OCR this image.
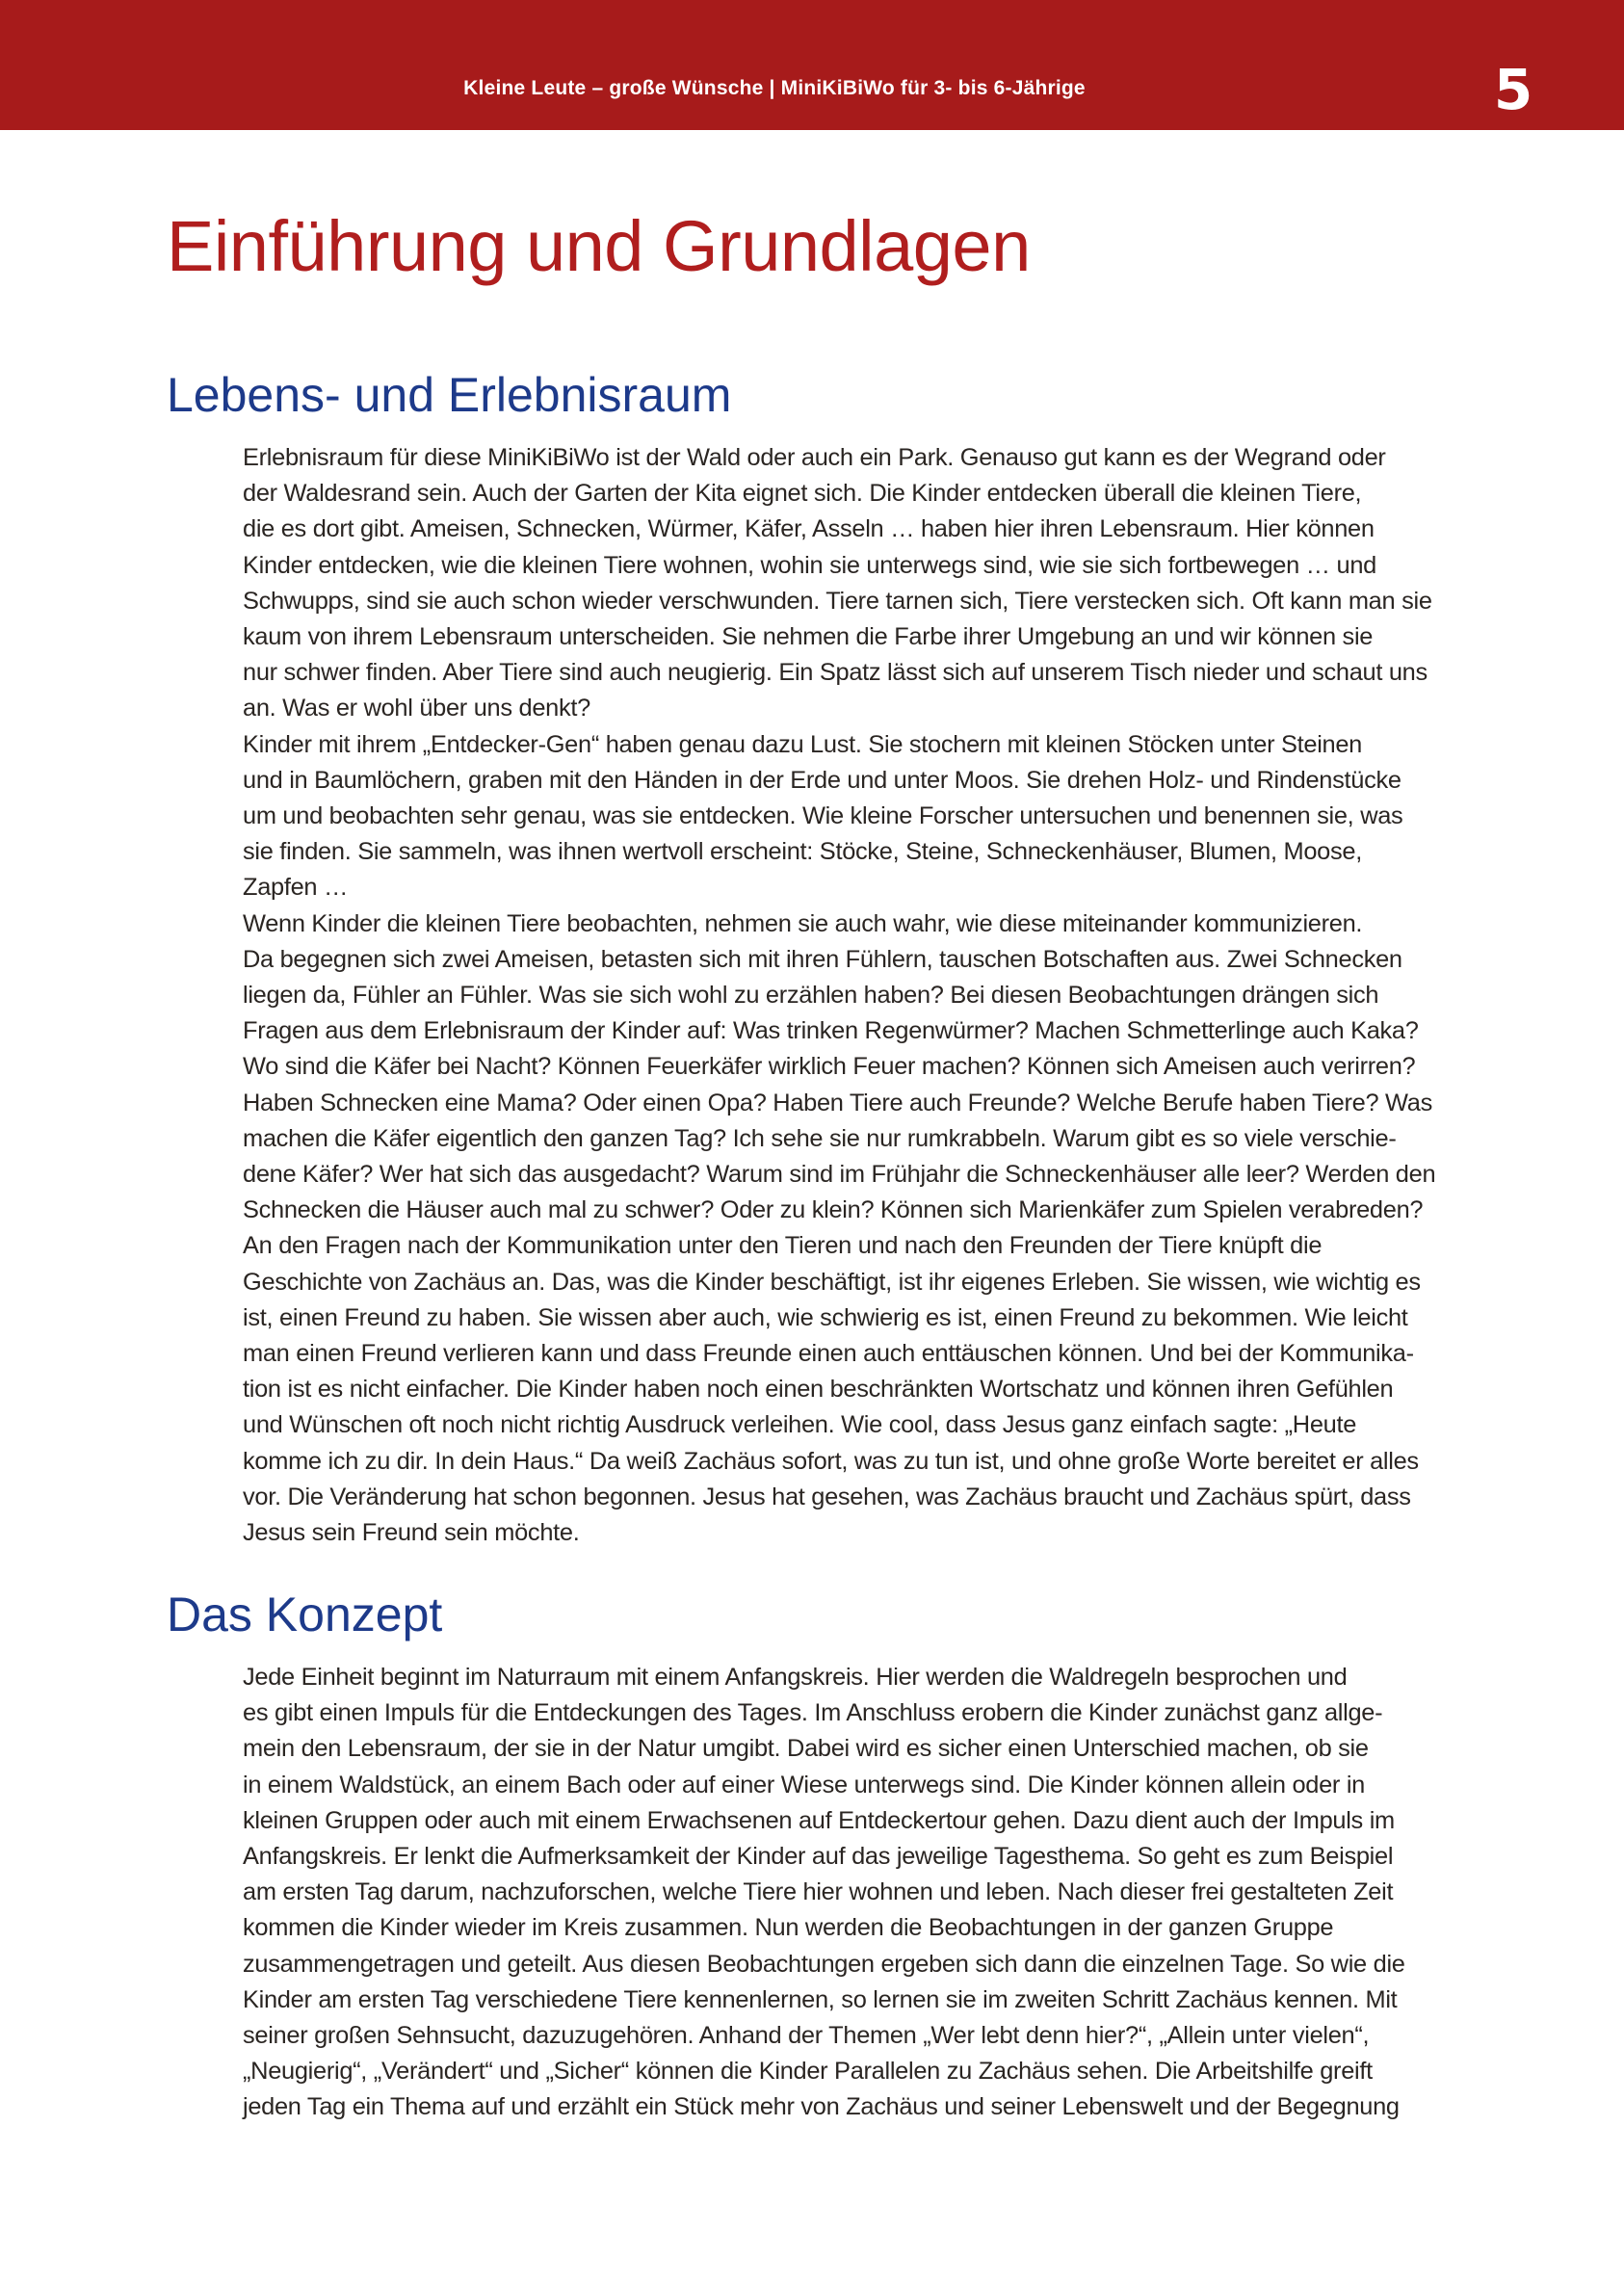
Kleine Leute – große Wünsche | MiniKiBiWo für 3- bis 6-Jährige	5
Einführung und Grundlagen
Lebens- und Erlebnisraum
Erlebnisraum für diese MiniKiBiWo ist der Wald oder auch ein Park. Genauso gut kann es der Wegrand oder
der Waldesrand sein. Auch der Garten der Kita eignet sich. Die Kinder entdecken überall die kleinen Tiere,
die es dort gibt. Ameisen, Schnecken, Würmer, Käfer, Asseln … haben hier ihren Lebensraum. Hier können
Kinder entdecken, wie die kleinen Tiere wohnen, wohin sie unterwegs sind, wie sie sich fortbewegen … und
Schwupps, sind sie auch schon wieder verschwunden. Tiere tarnen sich, Tiere verstecken sich. Oft kann man sie
kaum von ihrem Lebensraum unterscheiden. Sie nehmen die Farbe ihrer Umgebung an und wir können sie
nur schwer finden. Aber Tiere sind auch neugierig. Ein Spatz lässt sich auf unserem Tisch nieder und schaut uns
an. Was er wohl über uns denkt?
Kinder mit ihrem „Entdecker-Gen“ haben genau dazu Lust. Sie stochern mit kleinen Stöcken unter Steinen
und in Baumlöchern, graben mit den Händen in der Erde und unter Moos. Sie drehen Holz- und Rindenstücke
um und beobachten sehr genau, was sie entdecken. Wie kleine Forscher untersuchen und benennen sie, was
sie finden. Sie sammeln, was ihnen wertvoll erscheint: Stöcke, Steine, Schneckenhäuser, Blumen, Moose,
Zapfen …
Wenn Kinder die kleinen Tiere beobachten, nehmen sie auch wahr, wie diese miteinander kommunizieren.
Da begegnen sich zwei Ameisen, betasten sich mit ihren Fühlern, tauschen Botschaften aus. Zwei Schnecken
liegen da, Fühler an Fühler. Was sie sich wohl zu erzählen haben? Bei diesen Beobachtungen drängen sich
Fragen aus dem Erlebnisraum der Kinder auf: Was trinken Regenwürmer? Machen Schmetterlinge auch Kaka?
Wo sind die Käfer bei Nacht? Können Feuerkäfer wirklich Feuer machen? Können sich Ameisen auch verirren?
Haben Schnecken eine Mama? Oder einen Opa? Haben Tiere auch Freunde? Welche Berufe haben Tiere? Was
machen die Käfer eigentlich den ganzen Tag? Ich sehe sie nur rumkrabbeln. Warum gibt es so viele verschie-
dene Käfer? Wer hat sich das ausgedacht? Warum sind im Frühjahr die Schneckenhäuser alle leer? Werden den
Schnecken die Häuser auch mal zu schwer? Oder zu klein? Können sich Marienkäfer zum Spielen verabreden?
An den Fragen nach der Kommunikation unter den Tieren und nach den Freunden der Tiere knüpft die
Geschichte von Zachäus an. Das, was die Kinder beschäftigt, ist ihr eigenes Erleben. Sie wissen, wie wichtig es
ist, einen Freund zu haben. Sie wissen aber auch, wie schwierig es ist, einen Freund zu bekommen. Wie leicht
man einen Freund verlieren kann und dass Freunde einen auch enttäuschen können. Und bei der Kommunika-
tion ist es nicht einfacher. Die Kinder haben noch einen beschränkten Wortschatz und können ihren Gefühlen
und Wünschen oft noch nicht richtig Ausdruck verleihen. Wie cool, dass Jesus ganz einfach sagte: „Heute
komme ich zu dir. In dein Haus.“ Da weiß Zachäus sofort, was zu tun ist, und ohne große Worte bereitet er alles
vor. Die Veränderung hat schon begonnen. Jesus hat gesehen, was Zachäus braucht und Zachäus spürt, dass
Jesus sein Freund sein möchte.
Das Konzept
Jede Einheit beginnt im Naturraum mit einem Anfangskreis. Hier werden die Waldregeln besprochen und
es gibt einen Impuls für die Entdeckungen des Tages. Im Anschluss erobern die Kinder zunächst ganz allge-
mein den Lebensraum, der sie in der Natur umgibt. Dabei wird es sicher einen Unterschied machen, ob sie
in einem Waldstück, an einem Bach oder auf einer Wiese unterwegs sind. Die Kinder können allein oder in
kleinen Gruppen oder auch mit einem Erwachsenen auf Entdeckertour gehen. Dazu dient auch der Impuls im
Anfangskreis. Er lenkt die Aufmerksamkeit der Kinder auf das jeweilige Tagesthema. So geht es zum Beispiel
am ersten Tag darum, nachzuforschen, welche Tiere hier wohnen und leben. Nach dieser frei gestalteten Zeit
kommen die Kinder wieder im Kreis zusammen. Nun werden die Beobachtungen in der ganzen Gruppe
zusammengetragen und geteilt. Aus diesen Beobachtungen ergeben sich dann die einzelnen Tage. So wie die
Kinder am ersten Tag verschiedene Tiere kennenlernen, so lernen sie im zweiten Schritt Zachäus kennen. Mit
seiner großen Sehnsucht, dazuzugehören. Anhand der Themen „Wer lebt denn hier?“, „Allein unter vielen“,
„Neugierig“, „Verändert“ und „Sicher“ können die Kinder Parallelen zu Zachäus sehen. Die Arbeitshilfe greift
jeden Tag ein Thema auf und erzählt ein Stück mehr von Zachäus und seiner Lebenswelt und der Begegnung
